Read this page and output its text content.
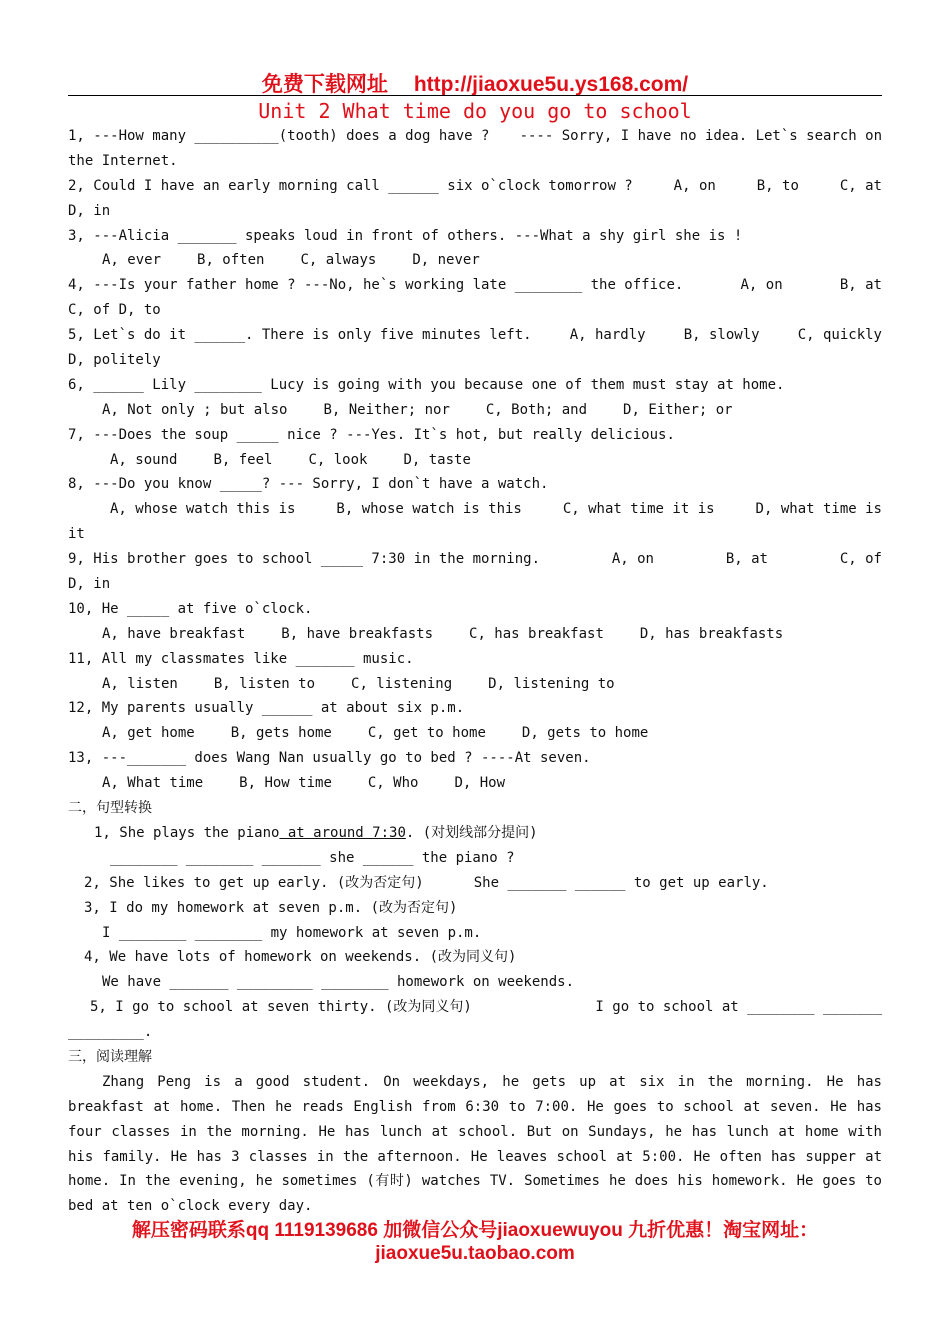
免费下载网址 http://jiaoxue5u.ys168.com/
Unit 2 What time do you go to school
1, ---How many __________(tooth) does a dog have ? ---- Sorry, I have no idea. Let`s search on
the Internet.
2, Could I have an early morning call ______ six o`clock tomorrow ?	A, on	B, to	C, at
D, in
3, ---Alicia _______ speaks loud in front of others. ---What a shy girl she is !
A, ever	B, often	C, always	D, never
4, ---Is your father home ? ---No, he`s working late ________ the office.	A, on	B, at
C, of D, to
5, Let`s do it ______. There is only five minutes left.	A, hardly	B, slowly	C, quickly
D, politely
6, ______ Lily ________ Lucy is going with you because one of them must stay at home.
A, Not only ; but also	B, Neither; nor	C, Both; and	D, Either; or
7, ---Does the soup _____ nice ? ---Yes. It`s hot, but really delicious.
A, sound	B, feel	C, look	D, taste
8, ---Do you know _____? --- Sorry, I don`t have a watch.
A, whose watch this is	B, whose watch is this	C, what time it is	D, what time is
it
9, His brother goes to school _____ 7:30 in the morning.	A, on	B, at	C, of
D, in
10, He _____ at five o`clock.
A, have breakfast	B, have breakfasts	C, has breakfast	D, has breakfasts
11, All my classmates like _______ music.
A, listen	B, listen to	C, listening	D, listening to
12, My parents usually ______ at about six p.m.
A, get home	B, gets home	C, get to home	D, gets to home
13, ---_______ does Wang Nan usually go to bed ? ----At seven.
A, What time	B, How time	C, Who	D, How
二，句型转换
1, She plays the piano at around 7:30. (对划线部分提问)
________ ________ _______ she ______ the piano ?
2, She likes to get up early. (改为否定句)	She _______ ______ to get up early.
3, I do my homework at seven p.m. (改为否定句)
I ________ ________ my homework at seven p.m.
4, We have lots of homework on weekends. (改为同义句)
We have _______ _________ ________ homework on weekends.
5, I go to school at seven thirty. (改为同义句)	I go to school at ________ _______
_________.
三，阅读理解
Zhang Peng is a good student. On weekdays, he gets up at six in the morning. He has breakfast at home. Then he reads English from 6:30 to 7:00. He goes to school at seven. He has four classes in the morning. He has lunch at school. But on Sundays, he has lunch at home with his family. He has 3 classes in the afternoon. He leaves school at 5:00. He often has supper at home. In the evening, he sometimes (有时) watches TV. Sometimes he does his homework. He goes to bed at ten o`clock every day.
解压密码联系qq 1119139686 加微信公众号jiaoxuewuyou 九折优惠！淘宝网址：
jiaoxue5u.taobao.com
